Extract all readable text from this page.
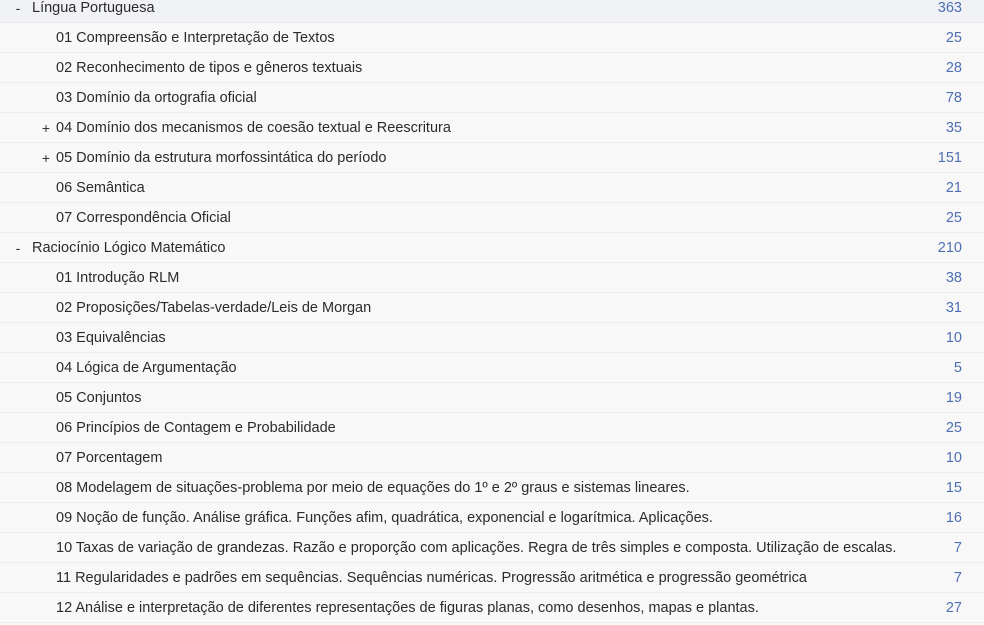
- Língua Portuguesa	363
01 Compreensão e Interpretação de Textos	25
02 Reconhecimento de tipos e gêneros textuais	28
03 Domínio da ortografia oficial	78
+ 04 Domínio dos mecanismos de coesão textual e Reescritura	35
+ 05 Domínio da estrutura morfossintática do período	151
06 Semântica	21
07 Correspondência Oficial	25
- Raciocínio Lógico Matemático	210
01 Introdução RLM	38
02 Proposições/Tabelas-verdade/Leis de Morgan	31
03 Equivalências	10
04 Lógica de Argumentação	5
05 Conjuntos	19
06 Princípios de Contagem e Probabilidade	25
07 Porcentagem	10
08 Modelagem de situações-problema por meio de equações do 1º e 2º graus e sistemas lineares.	15
09 Noção de função. Análise gráfica. Funções afim, quadrática, exponencial e logarítmica. Aplicações.	16
10 Taxas de variação de grandezas. Razão e proporção com aplicações. Regra de três simples e composta. Utilização de escalas.	7
11 Regularidades e padrões em sequências. Sequências numéricas. Progressão aritmética e progressão geométrica	7
12 Análise e interpretação de diferentes representações de figuras planas, como desenhos, mapas e plantas.	27
